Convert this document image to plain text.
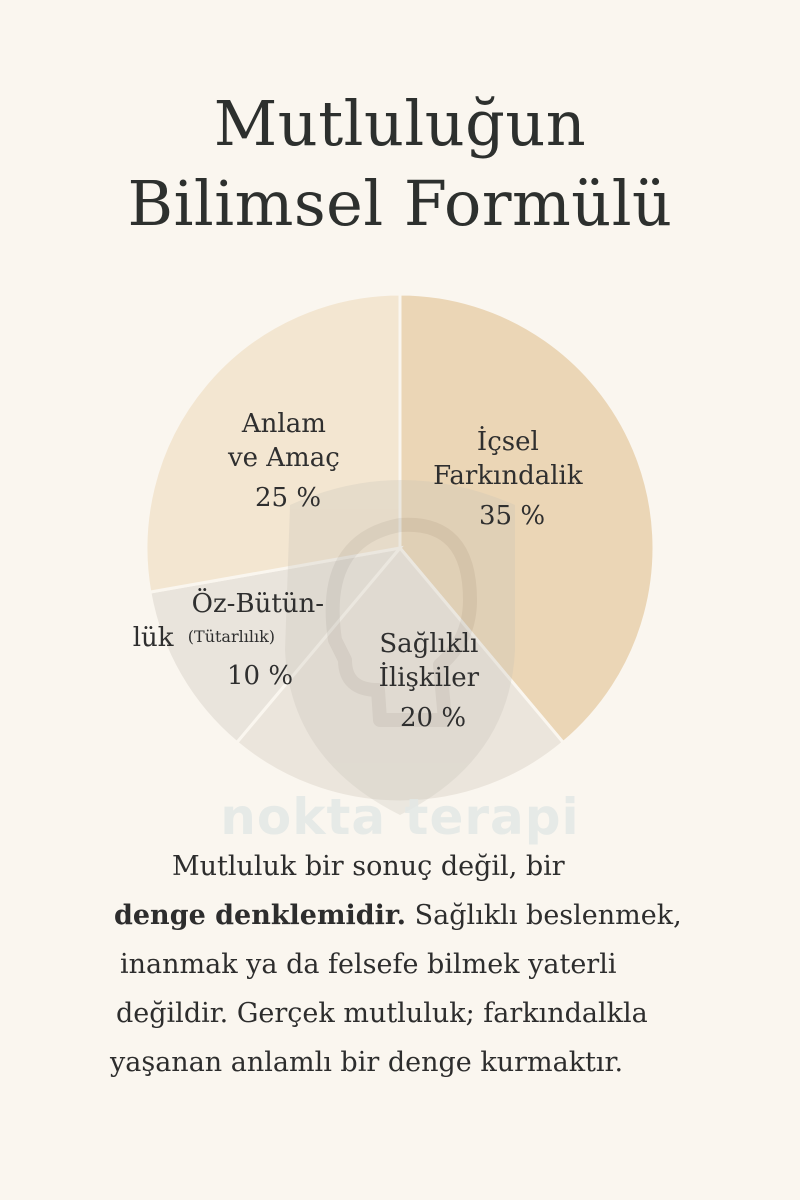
Mutluluğun
Bilimsel Formülü
İçsel Farkındalik 35 %
Sağlıklı İlişkiler 20 %
Öz-Bütün- lük (Tütarlılık) 10 %
Anlam ve Amaç 25 %
nokta terapi

Mutluluk bir sonuç değil, bir

denge denklemidir. Sağlıklı beslenmek,

inanmak ya da felsefe bilmek yaterli

değildir. Gerçek mutluluk; farkındalkla

yaşanan anlamlı bir denge kurmaktır.
